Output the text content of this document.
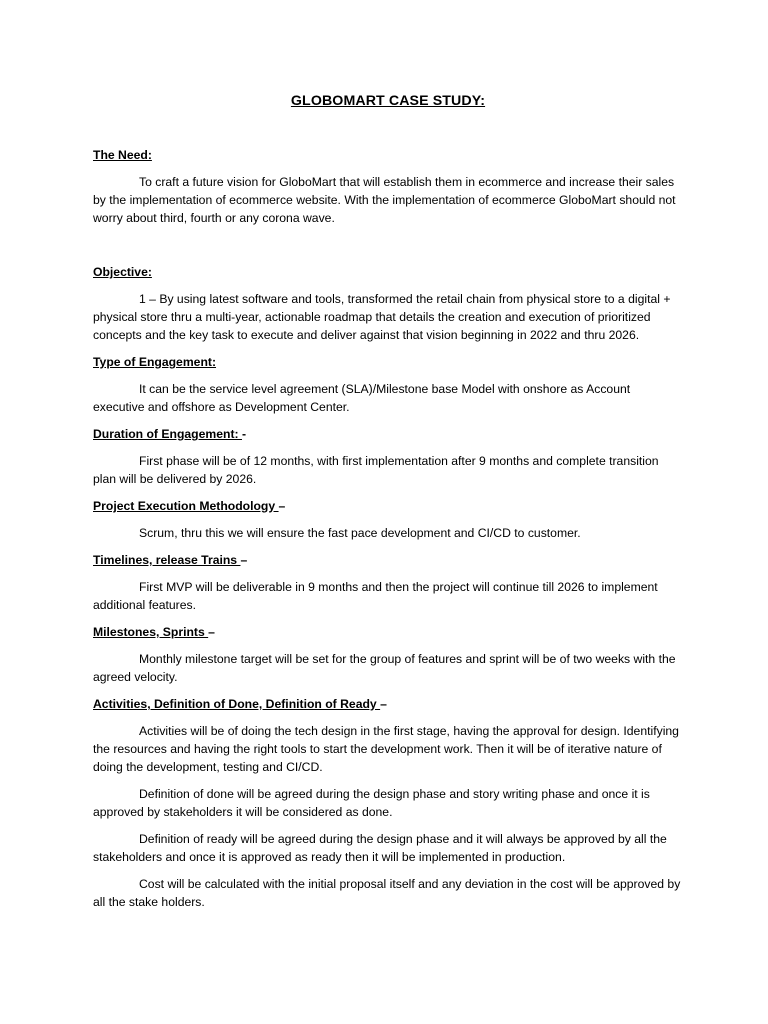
GLOBOMART CASE STUDY:
The Need:

To craft a future vision for GloboMart that will establish them in ecommerce and increase their sales by the implementation of ecommerce website. With the implementation of ecommerce GloboMart should not worry about third, fourth or any corona wave.

Objective:

1 – By using latest software and tools, transformed the retail chain from physical store to a digital + physical store thru a multi-year, actionable roadmap that details the creation and execution of prioritized concepts and the key task to execute and deliver against that vision beginning in 2022 and thru 2026.

Type of Engagement:

It can be the service level agreement (SLA)/Milestone base Model with onshore as Account executive and offshore as Development Center.

Duration of Engagement: -

First phase will be of 12 months, with first implementation after 9 months and complete transition plan will be delivered by 2026.

Project Execution Methodology –

Scrum, thru this we will ensure the fast pace development and CI/CD to customer.

Timelines, release Trains –

First MVP will be deliverable in 9 months and then the project will continue till 2026 to implement additional features.

Milestones, Sprints –

Monthly milestone target will be set for the group of features and sprint will be of two weeks with the agreed velocity.

Activities, Definition of Done, Definition of Ready –

Activities will be of doing the tech design in the first stage, having the approval for design. Identifying the resources and having the right tools to start the development work. Then it will be of iterative nature of doing the development, testing and CI/CD.

Definition of done will be agreed during the design phase and story writing phase and once it is approved by stakeholders it will be considered as done.

Definition of ready will be agreed during the design phase and it will always be approved by all the stakeholders and once it is approved as ready then it will be implemented in production.

Cost will be calculated with the initial proposal itself and any deviation in the cost will be approved by all the stake holders.
